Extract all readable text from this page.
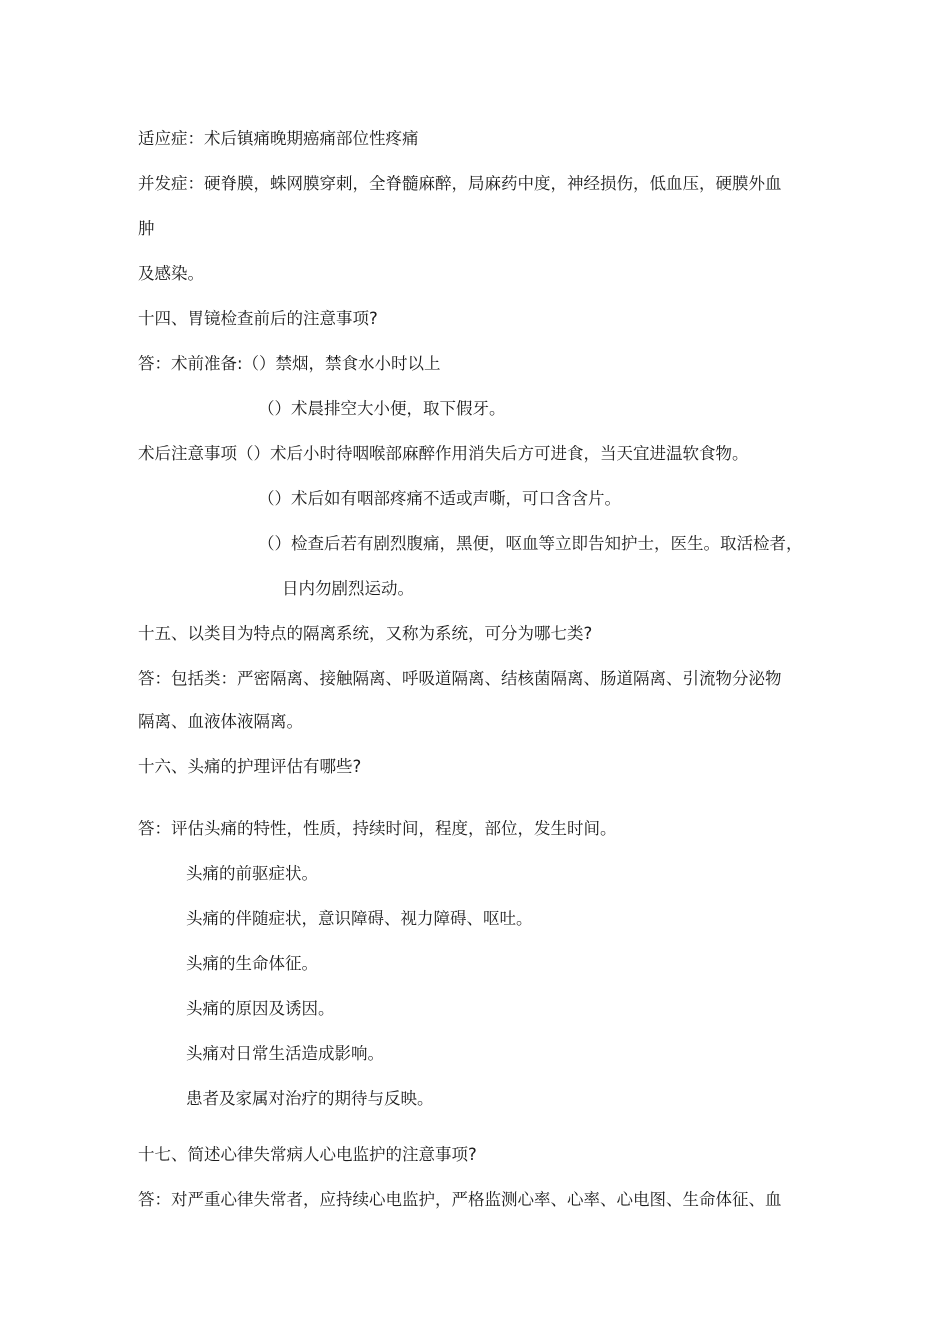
适应症：术后镇痛晚期癌痛部位性疼痛
并发症：硬脊膜，蛛网膜穿刺，全脊髓麻醉，局麻药中度，神经损伤，低血压，硬膜外血
肿
及感染。
十四、胃镜检查前后的注意事项?
答：术前准备:（）禁烟，禁食水小时以上
（）术晨排空大小便，取下假牙。
术后注意事项（）术后小时待咽喉部麻醉作用消失后方可进食，当天宜进温软食物。
（）术后如有咽部疼痛不适或声嘶，可口含含片。
（）检查后若有剧烈腹痛，黑便，呕血等立即告知护士，医生。取活检者，
日内勿剧烈运动。
十五、以类目为特点的隔离系统，又称为系统，可分为哪七类?
答：包括类：严密隔离、接触隔离、呼吸道隔离、结核菌隔离、肠道隔离、引流物分泌物
隔离、血液体液隔离。
十六、头痛的护理评估有哪些?
答：评估头痛的特性，性质，持续时间，程度，部位，发生时间。
头痛的前驱症状。
头痛的伴随症状，意识障碍、视力障碍、呕吐。
头痛的生命体征。
头痛的原因及诱因。
头痛对日常生活造成影响。
患者及家属对治疗的期待与反映。
十七、简述心律失常病人心电监护的注意事项?
答：对严重心律失常者，应持续心电监护，严格监测心率、心率、心电图、生命体征、血
